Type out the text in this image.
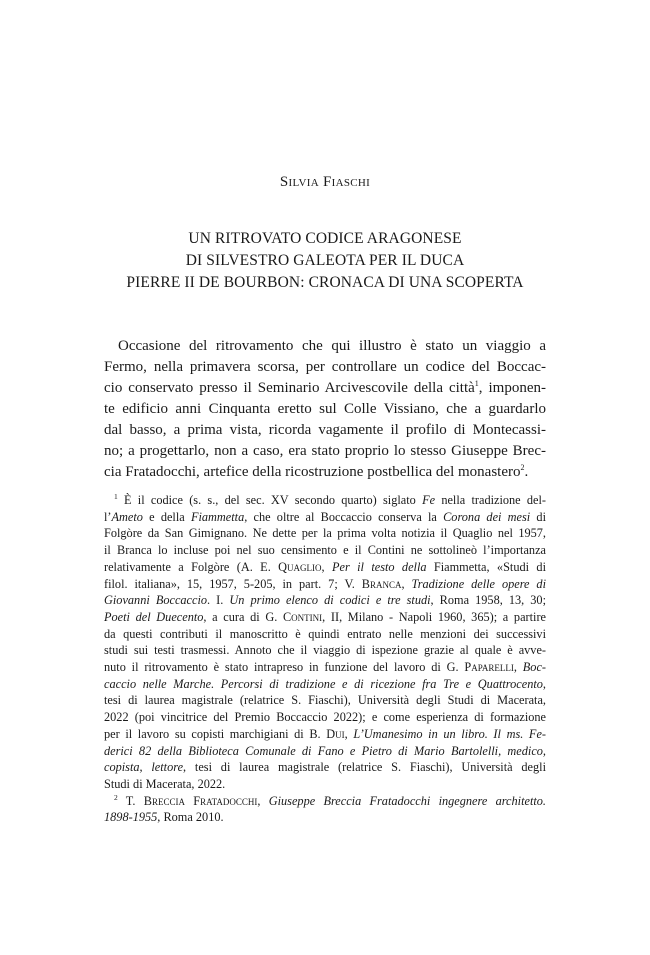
Silvia Fiaschi
UN RITROVATO CODICE ARAGONESE
DI SILVESTRO GALEOTA PER IL DUCA
PIERRE II DE BOURBON: CRONACA DI UNA SCOPERTA
Occasione del ritrovamento che qui illustro è stato un viaggio a
Fermo, nella primavera scorsa, per controllare un codice del Boccac-
cio conservato presso il Seminario Arcivescovile della città$^1$, imponen-
te edificio anni Cinquanta eretto sul Colle Vissiano, che a guardarlo
dal basso, a prima vista, ricorda vagamente il profilo di Montecassi-
no; a progettarlo, non a caso, era stato proprio lo stesso Giuseppe Brec-
cia Fratadocchi, artefice della ricostruzione postbellica del monastero$^2$.
$^1$ È il codice (s. s., del sec. XV secondo quarto) siglato Fe nella tradizione del-
l’Ameto e della Fiammetta, che oltre al Boccaccio conserva la Corona dei mesi di
Folgòre da San Gimignano. Ne dette per la prima volta notizia il Quaglio nel 1957,
il Branca lo incluse poi nel suo censimento e il Contini ne sottolineò l’importanza
relativamente a Folgòre (A. E. Quaglio, Per il testo della Fiammetta, «Studi di
filol. italiana», 15, 1957, 5-205, in part. 7; V. Branca, Tradizione delle opere di
Giovanni Boccaccio. I. Un primo elenco di codici e tre studi, Roma 1958, 13, 30;
Poeti del Duecento, a cura di G. Contini, II, Milano - Napoli 1960, 365); a partire
da questi contributi il manoscritto è quindi entrato nelle menzioni dei successivi
studi sui testi trasmessi. Annoto che il viaggio di ispezione grazie al quale è avve-
nuto il ritrovamento è stato intrapreso in funzione del lavoro di G. Paparelli, Boc-
caccio nelle Marche. Percorsi di tradizione e di ricezione fra Tre e Quattrocento,
tesi di laurea magistrale (relatrice S. Fiaschi), Università degli Studi di Macerata,
2022 (poi vincitrice del Premio Boccaccio 2022); e come esperienza di formazione
per il lavoro su copisti marchigiani di B. Dui, L’Umanesimo in un libro. Il ms. Fe-
derici 82 della Biblioteca Comunale di Fano e Pietro di Mario Bartolelli, medico,
copista, lettore, tesi di laurea magistrale (relatrice S. Fiaschi), Università degli
Studi di Macerata, 2022.
$^2$ T. Breccia Fratadocchi, Giuseppe Breccia Fratadocchi ingegnere architetto.
1898-1955, Roma 2010.
